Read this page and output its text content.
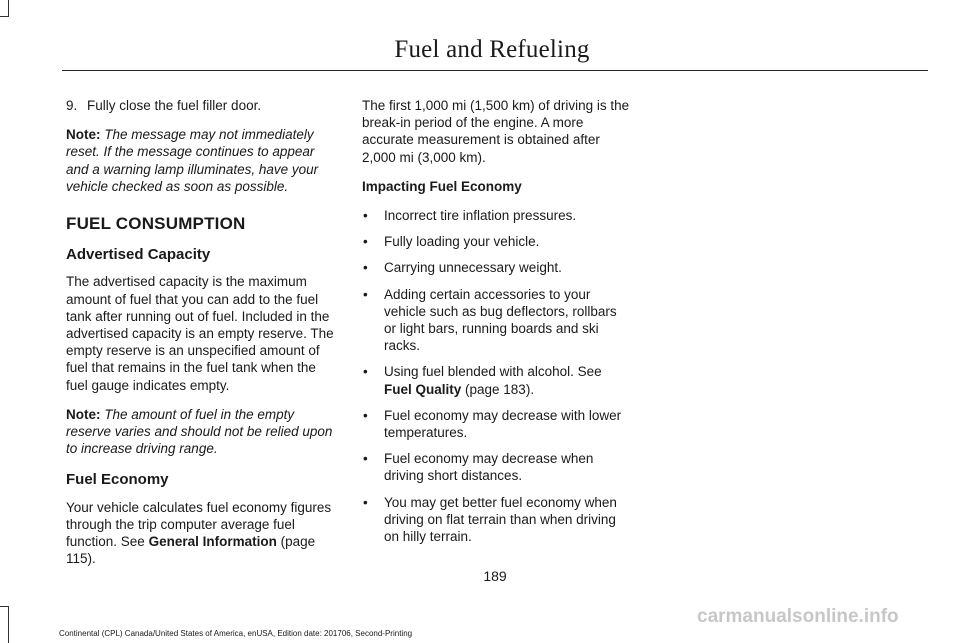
Fuel and Refueling
9. Fully close the fuel filler door.

Note: The message may not immediately reset. If the message continues to appear and a warning lamp illuminates, have your vehicle checked as soon as possible.

FUEL CONSUMPTION
Advertised Capacity

The advertised capacity is the maximum amount of fuel that you can add to the fuel tank after running out of fuel. Included in the advertised capacity is an empty reserve. The empty reserve is an unspecified amount of fuel that remains in the fuel tank when the fuel gauge indicates empty.

Note: The amount of fuel in the empty reserve varies and should not be relied upon to increase driving range.

Fuel Economy

Your vehicle calculates fuel economy figures through the trip computer average fuel function. See General Information (page 115).

The first 1,000 mi (1,500 km) of driving is the break-in period of the engine. A more accurate measurement is obtained after 2,000 mi (3,000 km).

Impacting Fuel Economy
•	Incorrect tire inflation pressures.
•	Fully loading your vehicle.
•	Carrying unnecessary weight.
•	Adding certain accessories to your vehicle such as bug deflectors, rollbars or light bars, running boards and ski racks.
•	Using fuel blended with alcohol. See Fuel Quality (page 183).
•	Fuel economy may decrease with lower temperatures.
•	Fuel economy may decrease when driving short distances.
•	You may get better fuel economy when driving on flat terrain than when driving on hilly terrain.
189
Continental (CPL) Canada/United States of America, enUSA, Edition date: 201706, Second-Printing
carmanualsonline.info
